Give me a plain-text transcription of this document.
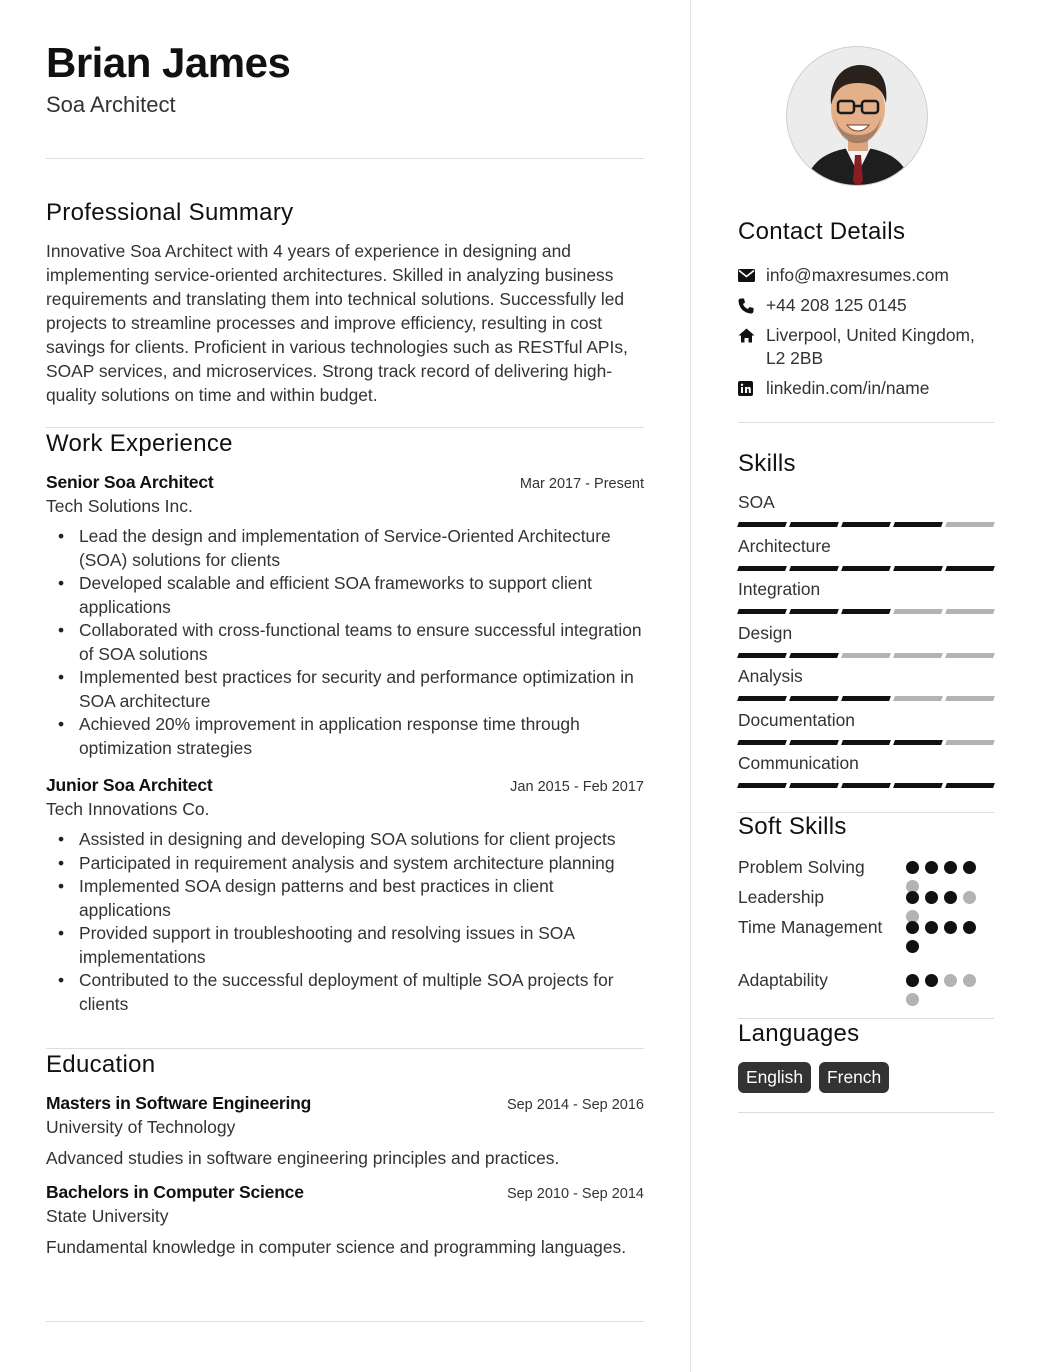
Brian James
Soa Architect
Professional Summary

Innovative Soa Architect with 4 years of experience in designing and implementing service-oriented architectures. Skilled in analyzing business requirements and translating them into technical solutions. Successfully led projects to streamline processes and improve efficiency, resulting in cost savings for clients. Proficient in various technologies such as RESTful APIs, SOAP services, and microservices. Strong track record of delivering high-quality solutions on time and within budget.

Work Experience
Senior Soa Architect	Mar 2017 - Present
Tech Solutions Inc.
• Lead the design and implementation of Service-Oriented Architecture (SOA) solutions for clients
• Developed scalable and efficient SOA frameworks to support client applications
• Collaborated with cross-functional teams to ensure successful integration of SOA solutions
• Implemented best practices for security and performance optimization in SOA architecture
• Achieved 20% improvement in application response time through optimization strategies
Junior Soa Architect	Jan 2015 - Feb 2017
Tech Innovations Co.
• Assisted in designing and developing SOA solutions for client projects
• Participated in requirement analysis and system architecture planning
• Implemented SOA design patterns and best practices in client applications
• Provided support in troubleshooting and resolving issues in SOA implementations
• Contributed to the successful deployment of multiple SOA projects for clients
Education
Masters in Software Engineering	Sep 2014 - Sep 2016
University of Technology

Advanced studies in software engineering principles and practices.

Bachelors in Computer Science	Sep 2010 - Sep 2014
State University

Fundamental knowledge in computer science and programming languages.

Contact Details
info@maxresumes.com
+44 208 125 0145
Liverpool, United Kingdom, L2 2BB
linkedin.com/in/name
Skills
SOA
Architecture
Integration
Design
Analysis
Documentation
Communication
Soft Skills
Problem Solving
Leadership
Time Management
Adaptability
Languages
English	French
